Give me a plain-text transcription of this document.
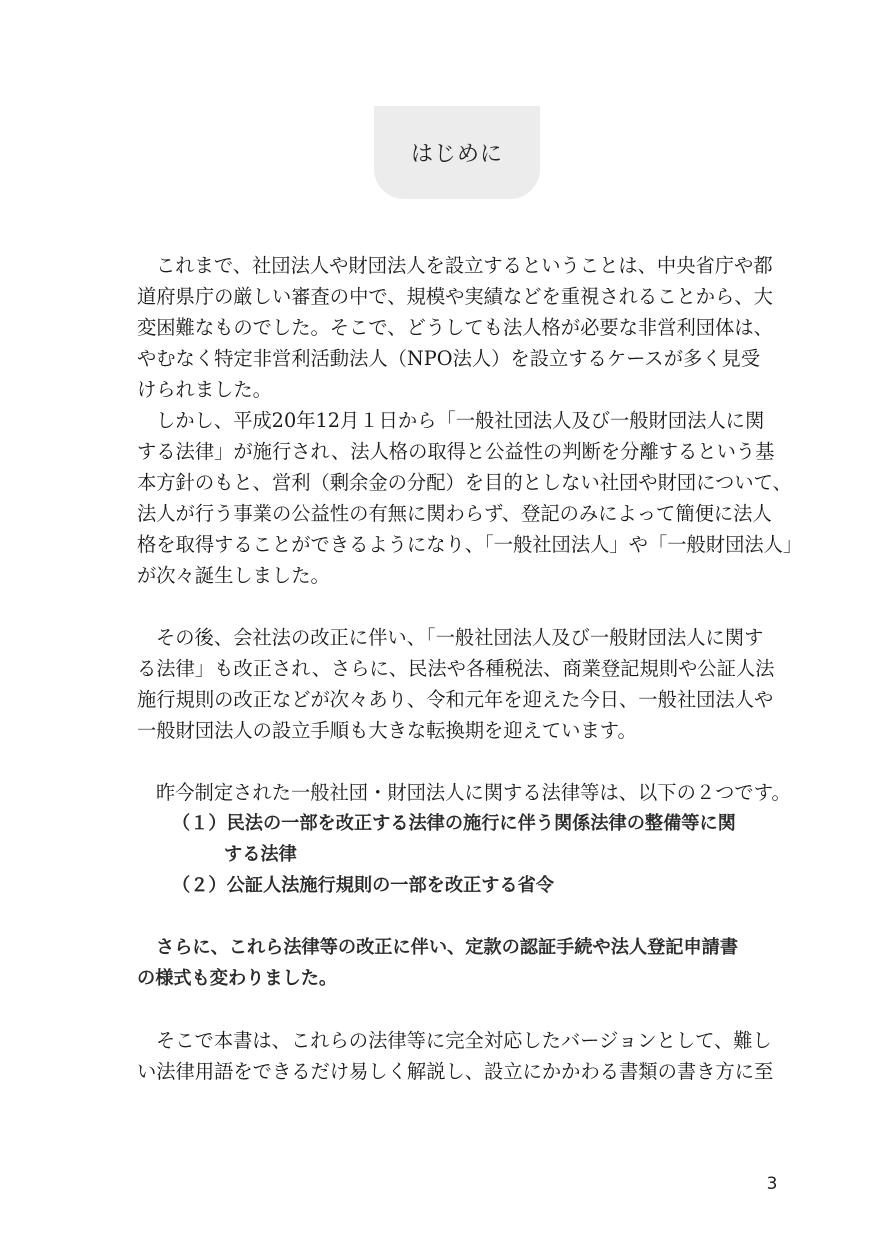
はじめに
これまで、社団法人や財団法人を設立するということは、中央省庁や都
道府県庁の厳しい審査の中で、規模や実績などを重視されることから、大
変困難なものでした。そこで、どうしても法人格が必要な非営利団体は、
やむなく特定非営利活動法人（NPO法人）を設立するケースが多く見受
けられました。
しかし、平成20年12月１日から「一般社団法人及び一般財団法人に関
する法律」が施行され、法人格の取得と公益性の判断を分離するという基
本方針のもと、営利（剰余金の分配）を目的としない社団や財団について、
法人が行う事業の公益性の有無に関わらず、登記のみによって簡便に法人
格を取得することができるようになり、「一般社団法人」や「一般財団法人」
が次々誕生しました。
その後、会社法の改正に伴い、「一般社団法人及び一般財団法人に関す
る法律」も改正され、さらに、民法や各種税法、商業登記規則や公証人法
施行規則の改正などが次々あり、令和元年を迎えた今日、一般社団法人や
一般財団法人の設立手順も大きな転換期を迎えています。
昨今制定された一般社団・財団法人に関する法律等は、以下の２つです。
（１）民法の一部を改正する法律の施行に伴う関係法律の整備等に関
する法律
（２）公証人法施行規則の一部を改正する省令
さらに、これら法律等の改正に伴い、定款の認証手続や法人登記申請書
の様式も変わりました。
そこで本書は、これらの法律等に完全対応したバージョンとして、難し
い法律用語をできるだけ易しく解説し、設立にかかわる書類の書き方に至
3
